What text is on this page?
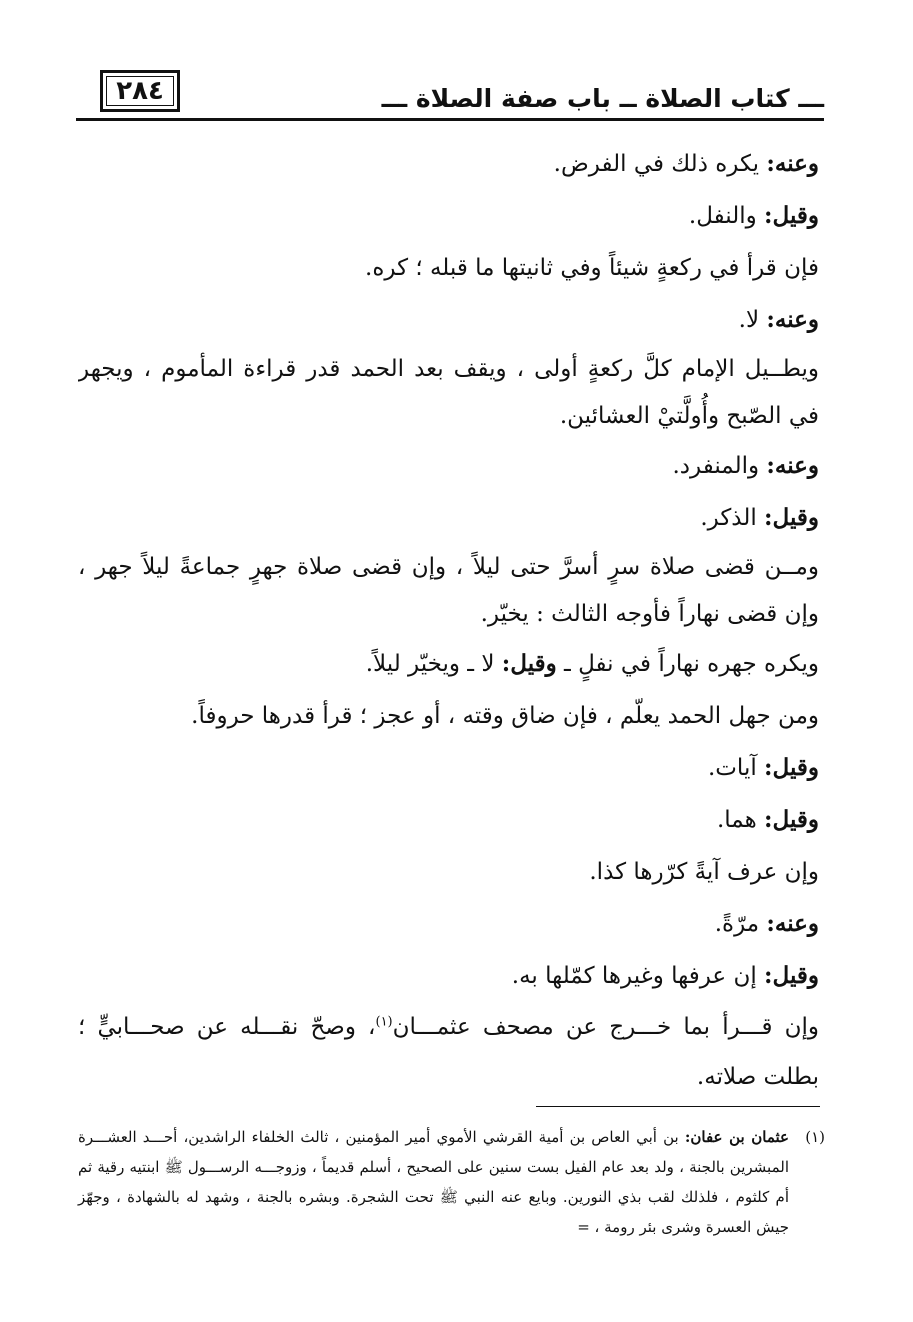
٢٨٤	ـــ كتاب الصلاة ــ باب صفة الصلاة ـــ

وعنه: يكره ذلك في الفرض.

وقيل: والنفل.

فإن قرأ في ركعةٍ شيئاً وفي ثانيتها ما قبله ؛ كره.

وعنه: لا.

ويطــيل الإمام كلَّ ركعةٍ أولى ، ويقف بعد الحمد قدر قراءة المأموم ، ويجهر في الصّبح وأُولَّتيْ العشائين.

وعنه: والمنفرد.

وقيل: الذكر.

ومــن قضى صلاة سرٍ أسرَّ حتى ليلاً ، وإن قضى صلاة جهرٍ جماعةً ليلاً جهر ، وإن قضى نهاراً فأوجه الثالث : يخيّر.

ويكره جهره نهاراً في نفلٍ ـ وقيل: لا ـ ويخيّر ليلاً.

ومن جهل الحمد يعلّم ، فإن ضاق وقته ، أو عجز ؛ قرأ قدرها حروفاً.

وقيل: آيات.

وقيل: هما.

وإن عرف آيةً كرّرها كذا.

وعنه: مرّةً.

وقيل: إن عرفها وغيرها كمّلها به.

وإن قـــرأ بما خـــرج عن مصحف عثمـــان$^{(١)}$، وصحّ نقـــله عن صحـــابيٍّ ؛ بطلت صلاته.

(١)
عثمان بن عفان: بن أبي العاص بن أمية القرشي الأموي أمير المؤمنين ، ثالث الخلفاء الراشدين، أحـــد العشـــرة المبشرين بالجنة ، ولد بعد عام الفيل بست سنين على الصحيح ، أسلم قديماً ، وزوجـــه الرســـول ﷺ ابنتيه رقية ثم أم كلثوم ، فلذلك لقب بذي النورين. وبايع عنه النبي ﷺ تحت الشجرة. وبشره بالجنة ، وشهد له بالشهادة ، وجهّز جيش العسرة وشرى بئر رومة ، =
